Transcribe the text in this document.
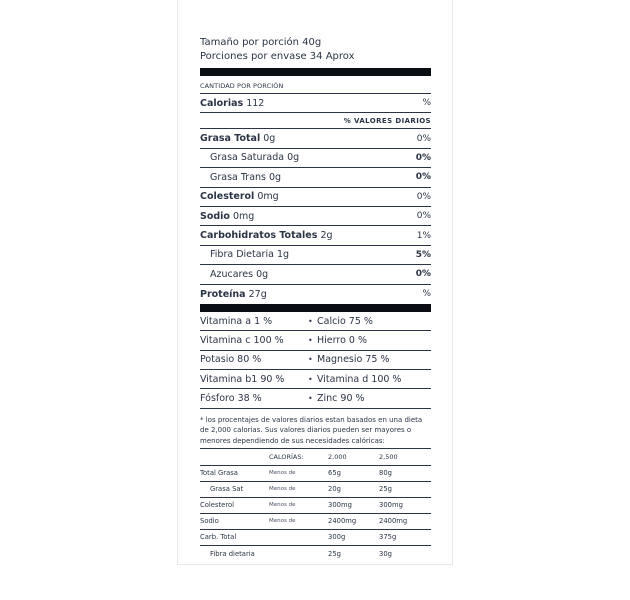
Tamaño por porción 40g
Porciones por envase 34 Aprox
CANTIDAD POR PORCIÓN
Calorias 112	%
% VALORES DIARIOS
Grasa Total 0g	0%
Grasa Saturada 0g	0%
Grasa Trans 0g	0%
Colesterol 0mg	0%
Sodio 0mg	0%
Carbohidratos Totales 2g	1%
Fibra Dietaria 1g	5%
Azucares 0g	0%
Proteína 27g	%
Vitamina a 1 %	• Calcio 75 %
Vitamina c 100 %	• Hierro 0 %
Potasio 80 %	• Magnesio 75 %
Vitamina b1 90 %	• Vitamina d 100 %
Fósforo 38 %	• Zinc 90 %
* los procentajes de valores diarios estan basados en una dieta de 2,000 calorias. Sus valores diarios pueden ser mayores o menores dependiendo de sus necesidades calóricas:
	CALORÍAS:	2,000	2,500
Total Grasa	Menos de	65g	80g
Grasa Sat	Menos de	20g	25g
Colesterol	Menos de	300mg	300mg
Sodio	Menos de	2400mg	2400mg
Carb. Total		300g	375g
Fibra dietaria		25g	30g
